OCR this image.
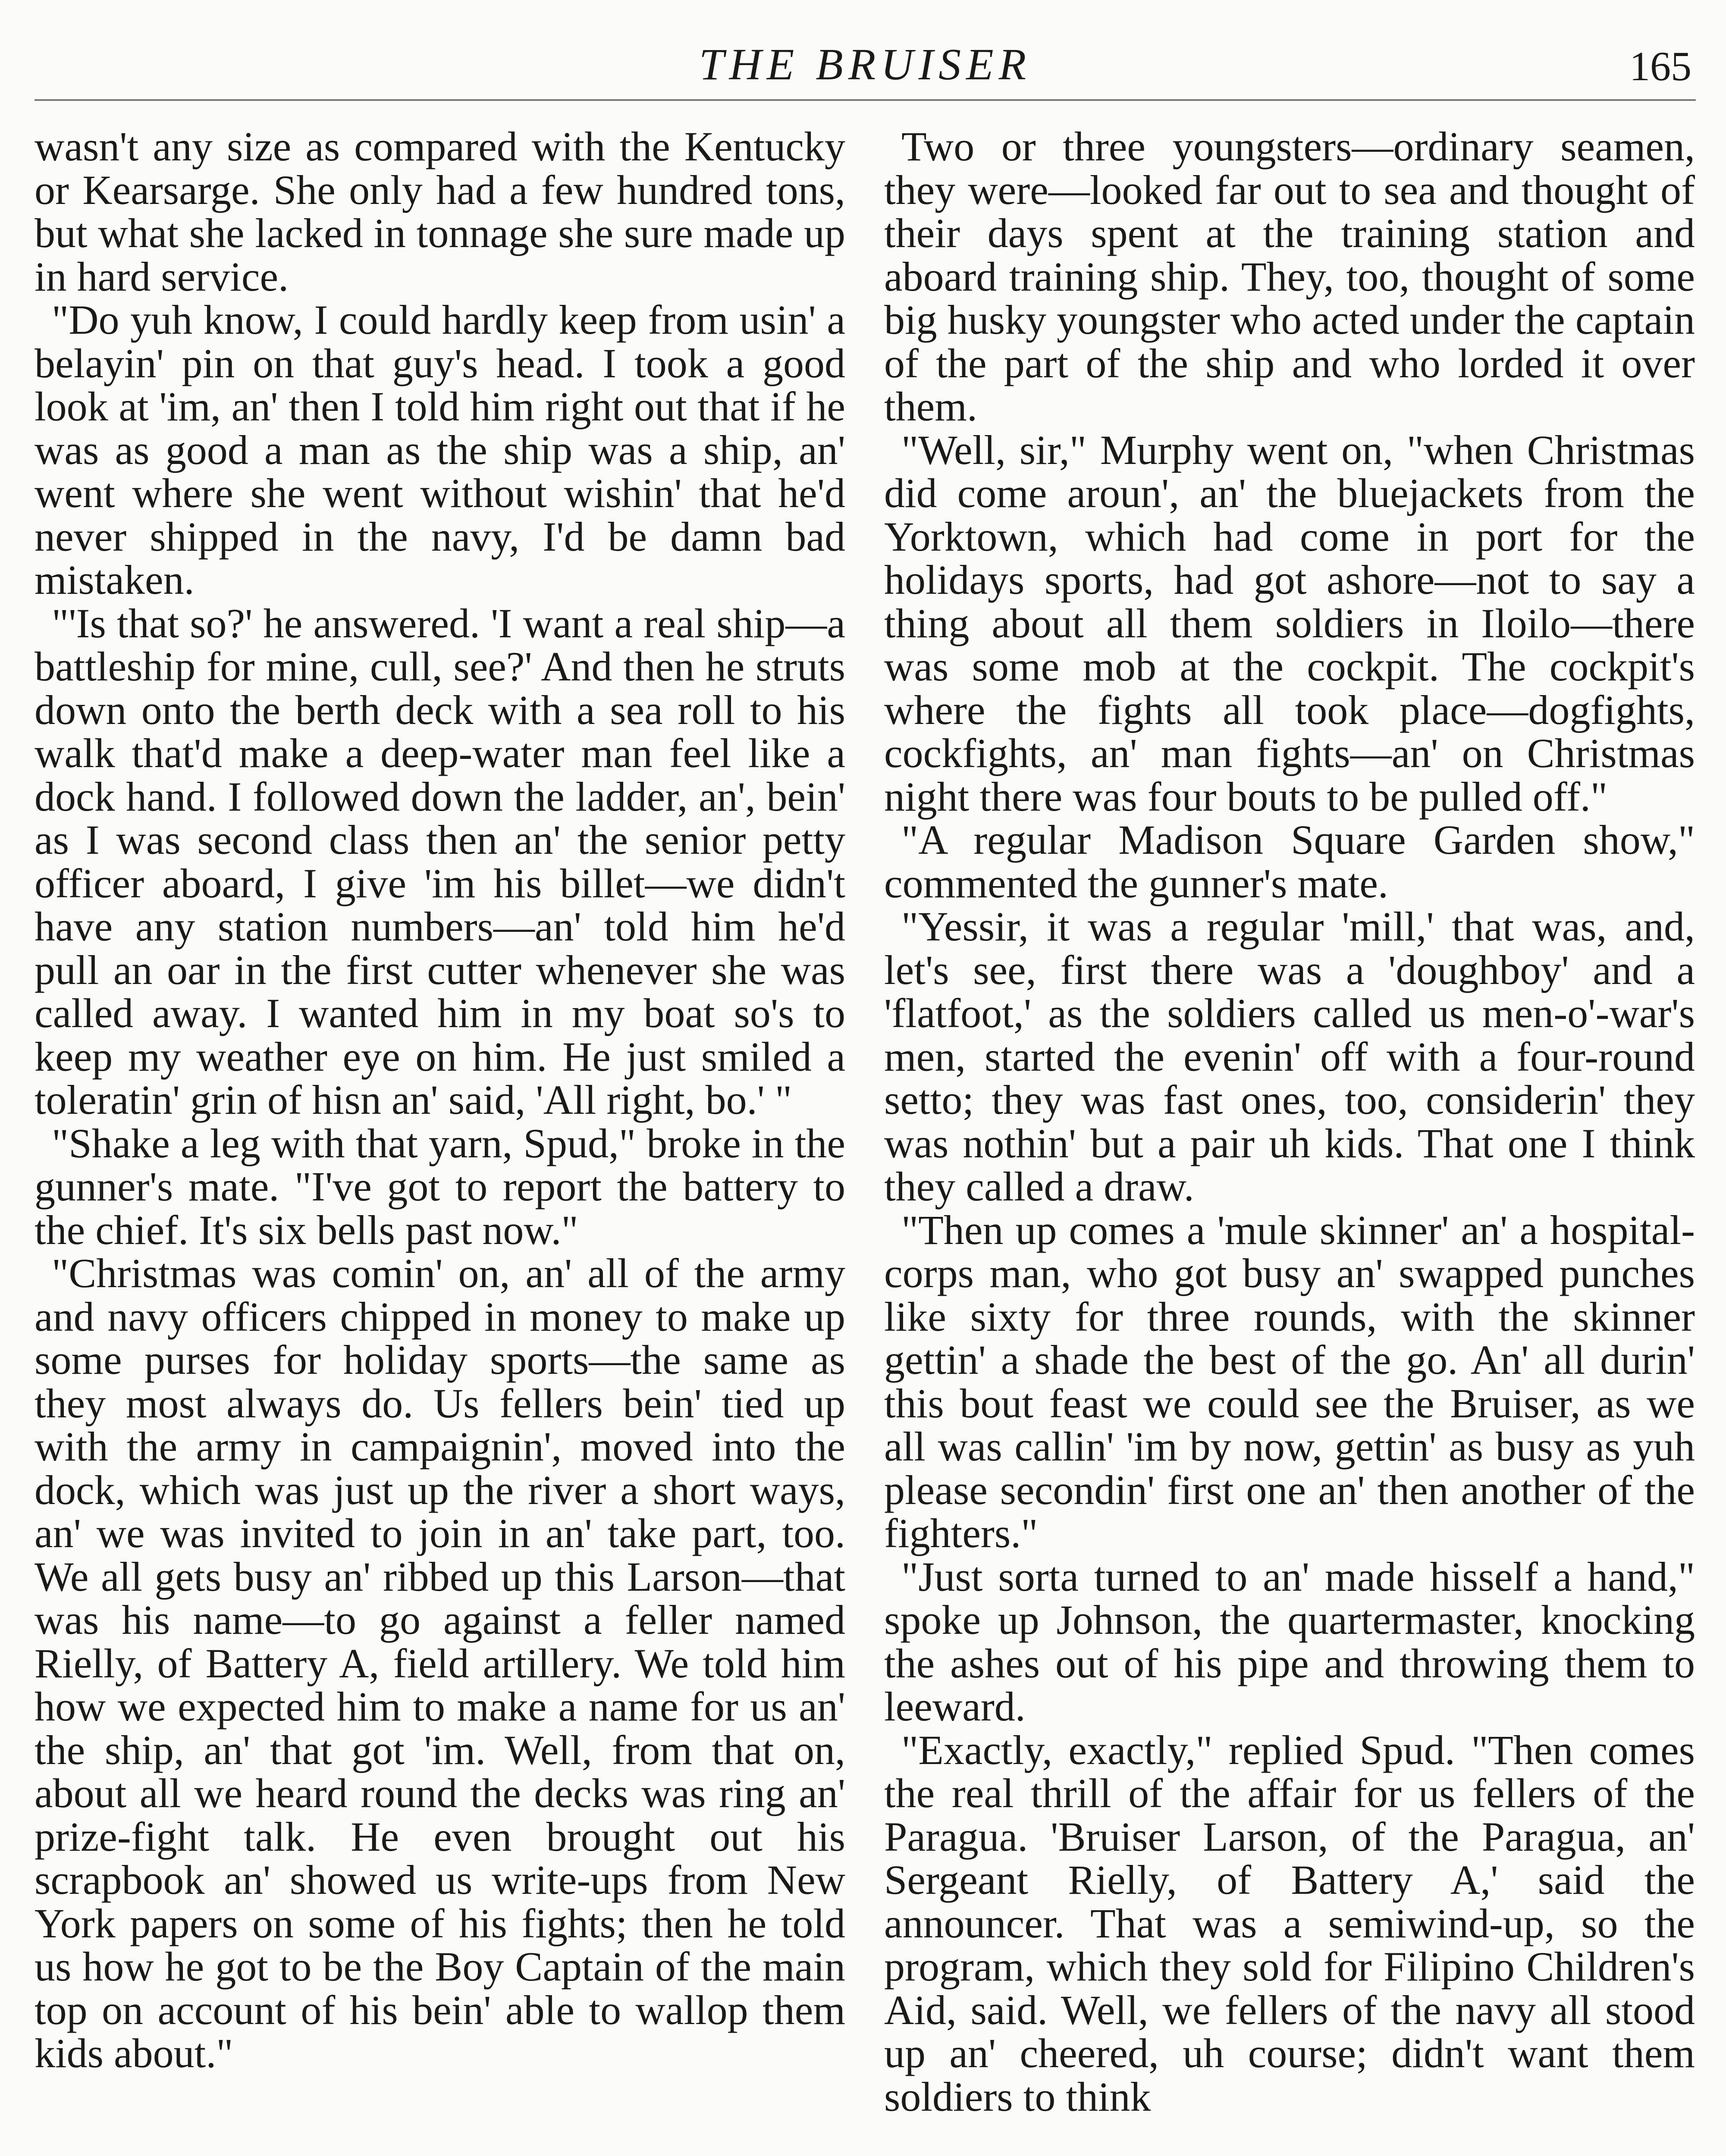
THE BRUISER	165

wasn't any size as compared with the Kentucky or Kearsarge. She only had a few hundred tons, but what she lacked in tonnage she sure made up in hard service.

"Do yuh know, I could hardly keep from usin' a belayin' pin on that guy's head. I took a good look at 'im, an' then I told him right out that if he was as good a man as the ship was a ship, an' went where she went without wishin' that he'd never shipped in the navy, I'd be damn bad mistaken.

"'Is that so?' he answered. 'I want a real ship—a battleship for mine, cull, see?' And then he struts down onto the berth deck with a sea roll to his walk that'd make a deep-water man feel like a dock hand. I followed down the ladder, an', bein' as I was second class then an' the senior petty officer aboard, I give 'im his billet—we didn't have any station numbers—an' told him he'd pull an oar in the first cutter whenever she was called away. I wanted him in my boat so's to keep my weather eye on him. He just smiled a toleratin' grin of hisn an' said, 'All right, bo.' "

"Shake a leg with that yarn, Spud," broke in the gunner's mate. "I've got to report the battery to the chief. It's six bells past now."

"Christmas was comin' on, an' all of the army and navy officers chipped in money to make up some purses for holiday sports—the same as they most always do. Us fellers bein' tied up with the army in campaignin', moved into the dock, which was just up the river a short ways, an' we was invited to join in an' take part, too. We all gets busy an' ribbed up this Larson—that was his name—to go against a feller named Rielly, of Battery A, field artillery. We told him how we expected him to make a name for us an' the ship, an' that got 'im. Well, from that on, about all we heard round the decks was ring an' prize-fight talk. He even brought out his scrapbook an' showed us write-ups from New York papers on some of his fights; then he told us how he got to be the Boy Captain of the main top on account of his bein' able to wallop them kids about."

Two or three youngsters—ordinary seamen, they were—looked far out to sea and thought of their days spent at the training station and aboard training ship. They, too, thought of some big husky youngster who acted under the captain of the part of the ship and who lorded it over them.

"Well, sir," Murphy went on, "when Christmas did come aroun', an' the bluejackets from the Yorktown, which had come in port for the holidays sports, had got ashore—not to say a thing about all them soldiers in Iloilo—there was some mob at the cockpit. The cockpit's where the fights all took place—dogfights, cockfights, an' man fights—an' on Christmas night there was four bouts to be pulled off."

"A regular Madison Square Garden show," commented the gunner's mate.

"Yessir, it was a regular 'mill,' that was, and, let's see, first there was a 'doughboy' and a 'flatfoot,' as the soldiers called us men-o'-war's men, started the evenin' off with a four-round setto; they was fast ones, too, considerin' they was nothin' but a pair uh kids. That one I think they called a draw.

"Then up comes a 'mule skinner' an' a hospital-corps man, who got busy an' swapped punches like sixty for three rounds, with the skinner gettin' a shade the best of the go. An' all durin' this bout feast we could see the Bruiser, as we all was callin' 'im by now, gettin' as busy as yuh please secondin' first one an' then another of the fighters."

"Just sorta turned to an' made hisself a hand," spoke up Johnson, the quartermaster, knocking the ashes out of his pipe and throwing them to leeward.

"Exactly, exactly," replied Spud. "Then comes the real thrill of the affair for us fellers of the Paragua. 'Bruiser Larson, of the Paragua, an' Sergeant Rielly, of Battery A,' said the announcer. That was a semiwind-up, so the program, which they sold for Filipino Children's Aid, said. Well, we fellers of the navy all stood up an' cheered, uh course; didn't want them soldiers to think
